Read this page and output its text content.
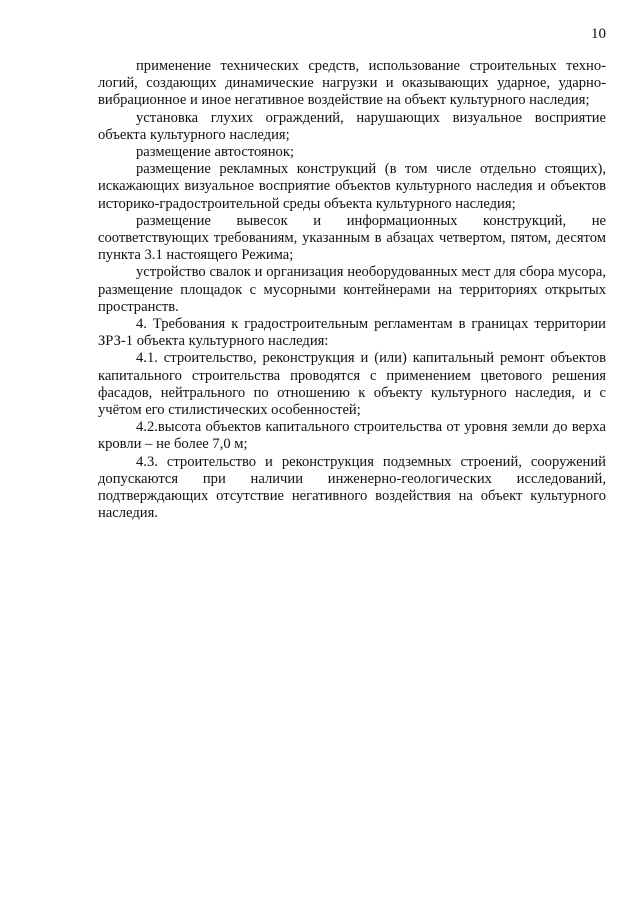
10

применение технических средств, использование строительных технологий, создающих динамические нагрузки и оказывающих ударное, ударно-вибрационное и иное негативное воздействие на объект культурного наследия;

установка глухих ограждений, нарушающих визуальное восприятие объекта культурного наследия;

размещение автостоянок;

размещение рекламных конструкций (в том числе отдельно стоящих), искажающих визуальное восприятие объектов культурного наследия и объектов историко-градостроительной среды объекта культурного наследия;

размещение вывесок и информационных конструкций, не соответствующих требованиям, указанным в абзацах четвертом, пятом, десятом пункта 3.1 настоящего Режима;

устройство свалок и организация необорудованных мест для сбора мусора, размещение площадок с мусорными контейнерами на территориях открытых пространств.

4. Требования к градостроительным регламентам в границах территории ЗРЗ-1 объекта культурного наследия:

4.1. строительство, реконструкция и (или) капитальный ремонт объектов капитального строительства проводятся с применением цветового решения фасадов, нейтрального по отношению к объекту культурного наследия, и с учётом его стилистических особенностей;

4.2.высота объектов капитального строительства от уровня земли до верха кровли – не более 7,0 м;

4.3. строительство и реконструкция подземных строений, сооружений допускаются при наличии инженерно-геологических исследований, подтверждающих отсутствие негативного воздействия на объект культурного наследия.
